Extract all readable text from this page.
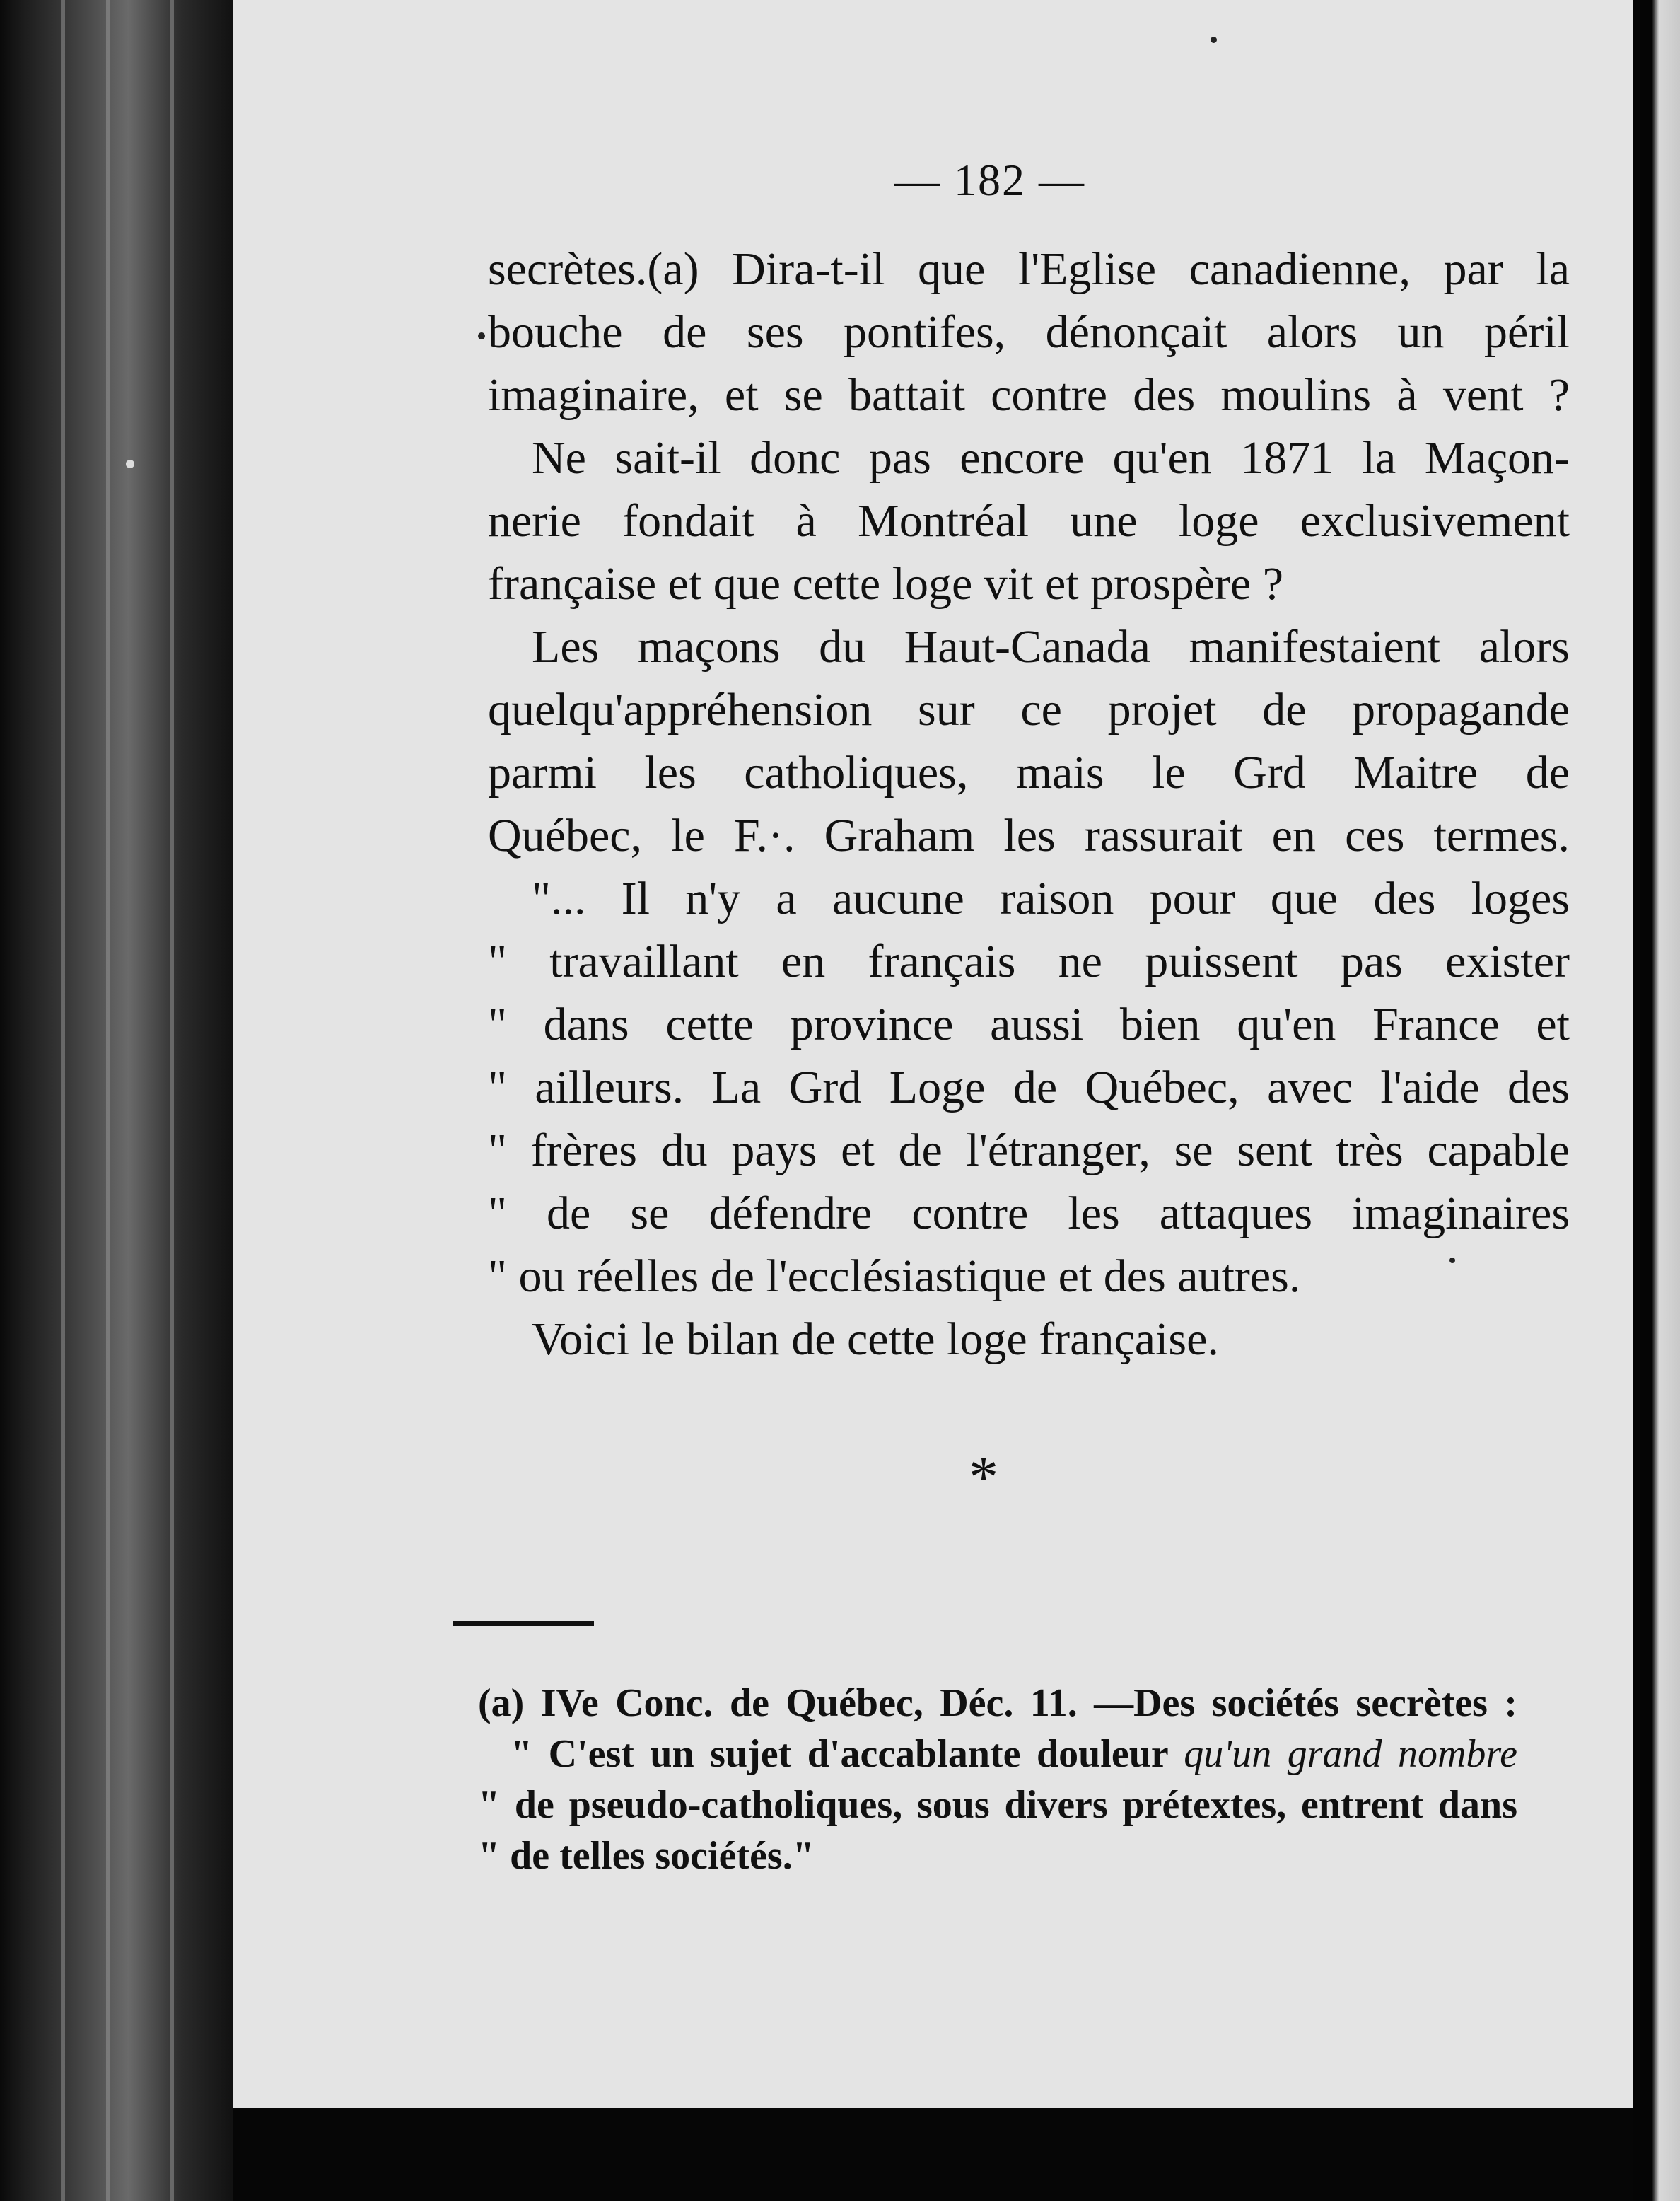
— 182 —
secrètes.(a) Dira-t-il que l'Eglise canadienne, par la
bouche de ses pontifes, dénonçait alors un péril
imaginaire, et se battait contre des moulins à vent ?
Ne sait-il donc pas encore qu'en 1871 la Maçon-
nerie fondait à Montréal une loge exclusivement
française et que cette loge vit et prospère ?
Les maçons du Haut-Canada manifestaient alors
quelqu'appréhension sur ce projet de propagande
parmi les catholiques, mais le Grd Maitre de
Québec, le F.·. Graham les rassurait en ces termes.
"... Il n'y a aucune raison pour que des loges
" travaillant en français ne puissent pas exister
" dans cette province aussi bien qu'en France et
" ailleurs. La Grd Loge de Québec, avec l'aide des
" frères du pays et de l'étranger, se sent très capable
" de se défendre contre les attaques imaginaires
" ou réelles de l'ecclésiastique et des autres.
Voici le bilan de cette loge française.
*
(a) IVe Conc. de Québec, Déc. 11. —Des sociétés secrètes :
" C'est un sujet d'accablante douleur qu'un grand nombre
" de pseudo-catholiques, sous divers prétextes, entrent dans
" de telles sociétés."
